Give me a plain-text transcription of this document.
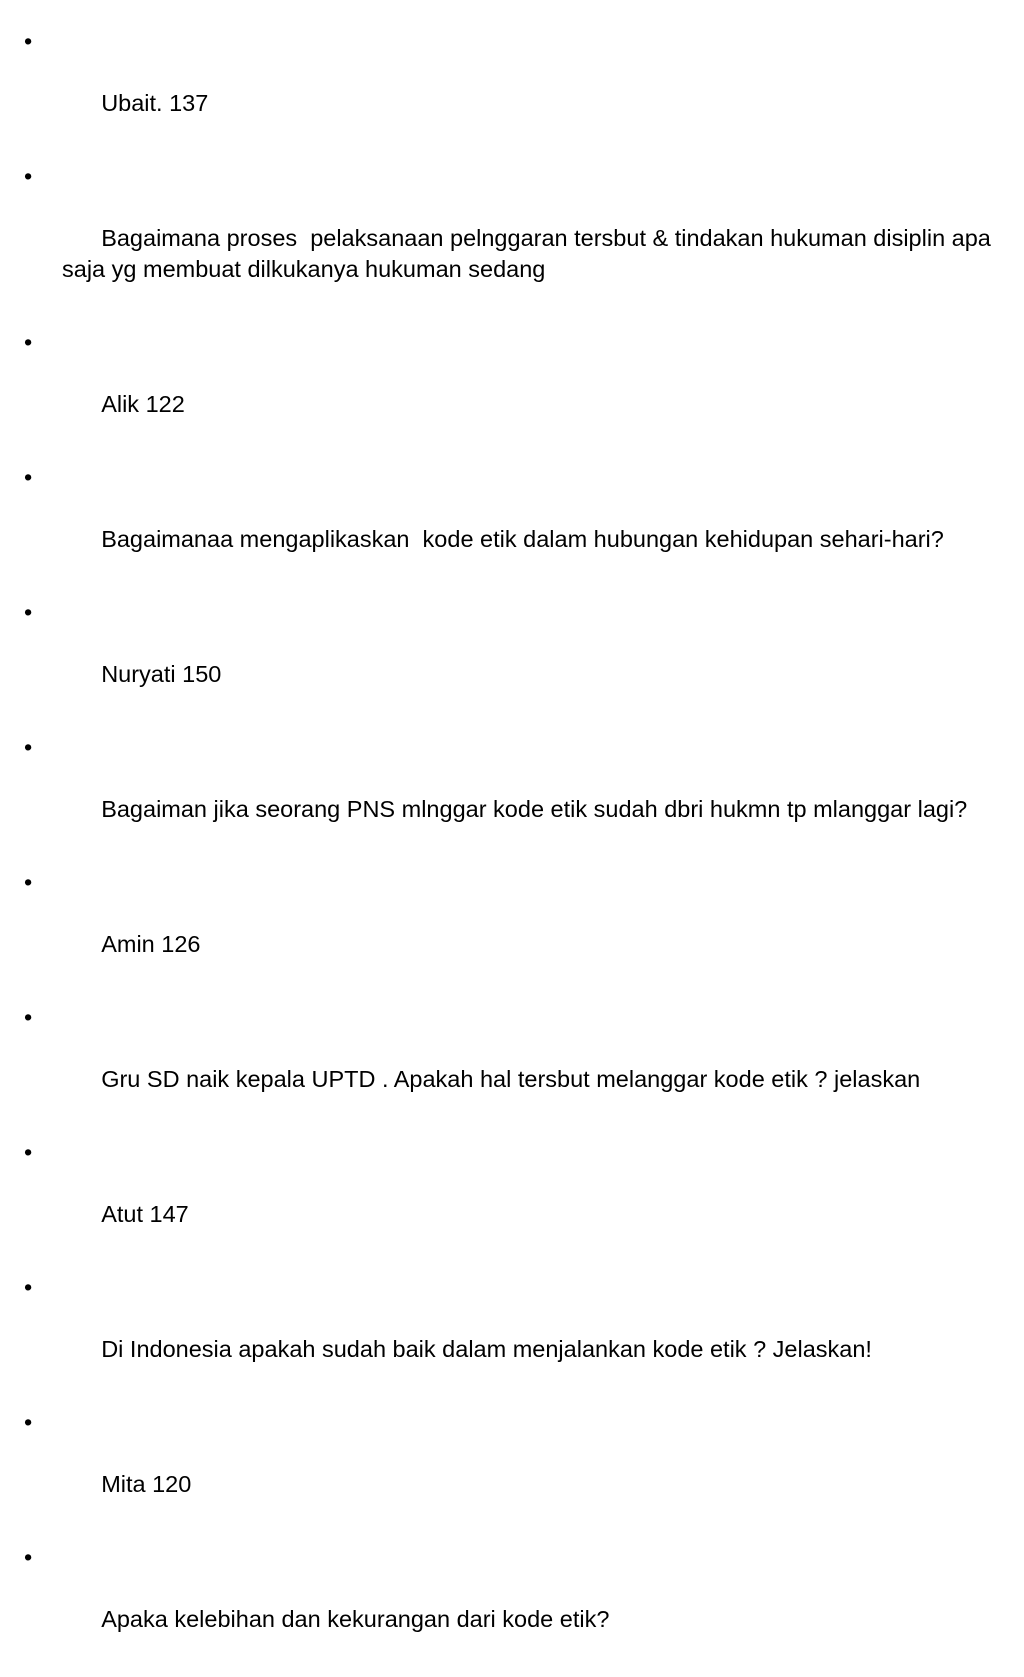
•

Ubait. 137

•

Bagaimana proses  pelaksanaan pelnggaran tersbut & tindakan hukuman disiplin apa saja yg membuat dilkukanya hukuman sedang

•

Alik 122

•

Bagaimanaa mengaplikaskan  kode etik dalam hubungan kehidupan sehari-hari?

•

Nuryati 150

•

Bagaiman jika seorang PNS mlnggar kode etik sudah dbri hukmn tp mlanggar lagi?

•

Amin 126

•

Gru SD naik kepala UPTD . Apakah hal tersbut melanggar kode etik ? jelaskan

•

Atut 147

•

Di Indonesia apakah sudah baik dalam menjalankan kode etik ? Jelaskan!

•

Mita 120

•

Apaka kelebihan dan kekurangan dari kode etik?
